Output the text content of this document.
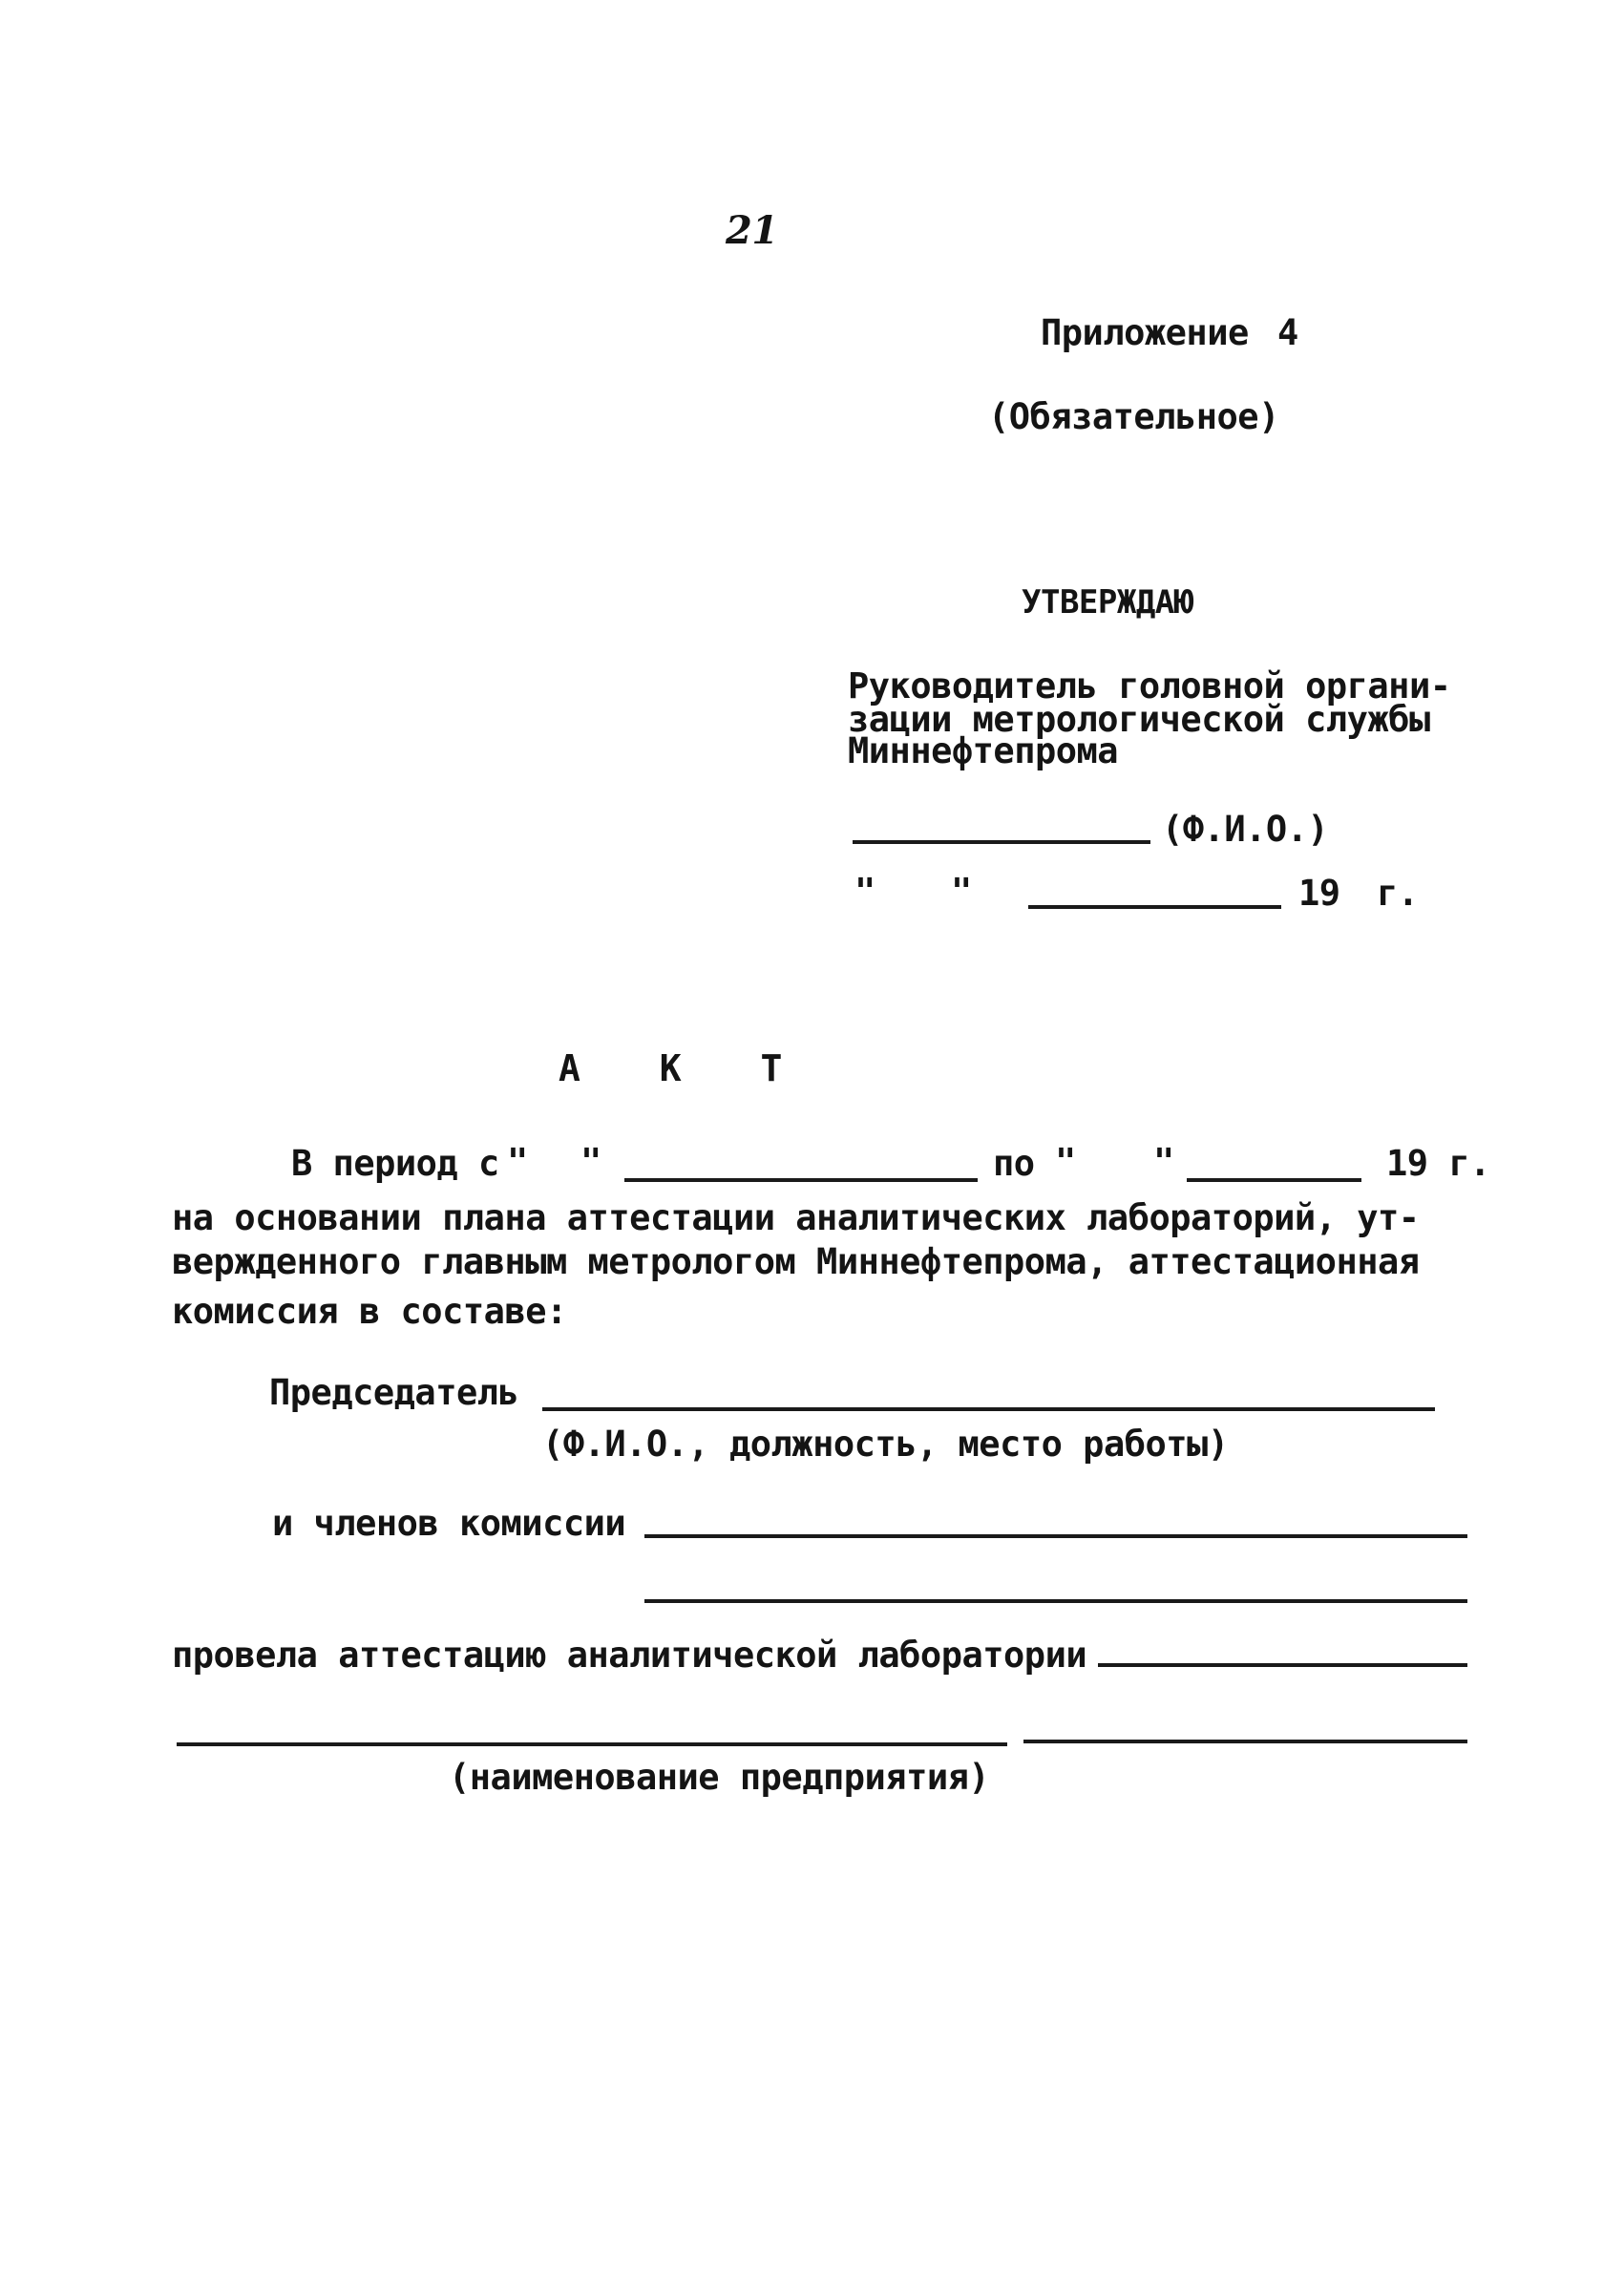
21
Приложение 4
(Обязательное)
УТВЕРЖДАЮ
Руководитель головной органи-
зации метрологической службы
Миннефтепрома
(Ф.И.О.)
" "	19 г.
А К Т
В период с " "	по " "	19 г.
на основании плана аттестации аналитических лабораторий, ут-
вержденного главным метрологом Миннефтепрома, аттестационная
комиссия в составе:
Председатель
(Ф.И.О., должность, место работы)
и членов комиссии
провела аттестацию аналитической лаборатории
(наименование предприятия)
